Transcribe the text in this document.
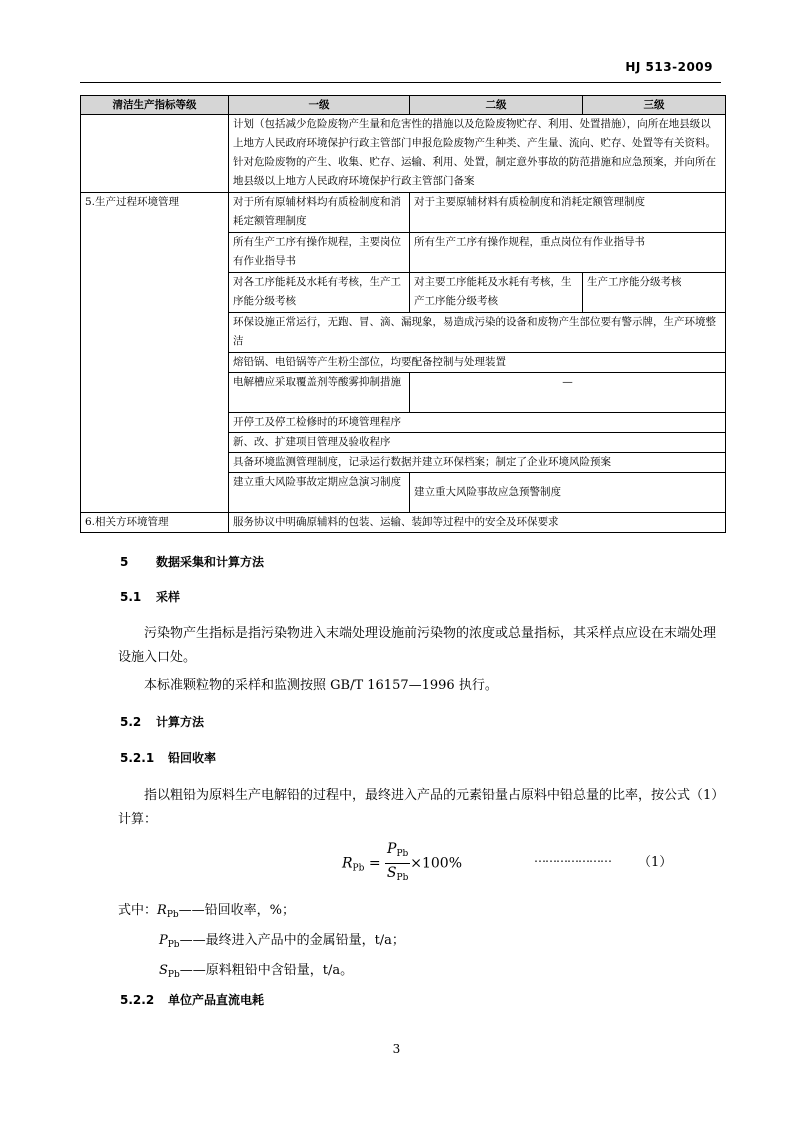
HJ 513-2009
清洁生产指标等级	一级	二级	三级
	计划（包括减少危险废物产生量和危害性的措施以及危险废物贮存、利用、处置措施），向所在地县级以上地方人民政府环境保护行政主管部门申报危险废物产生种类、产生量、流向、贮存、处置等有关资料。针对危险废物的产生、收集、贮存、运输、利用、处置，制定意外事故的防范措施和应急预案，并向所在地县级以上地方人民政府环境保护行政主管部门备案		
5.生产过程环境管理	对于所有原辅材料均有质检制度和消耗定额管理制度	对于主要原辅材料有质检制度和消耗定额管理制度	
	所有生产工序有操作规程，主要岗位有作业指导书	所有生产工序有操作规程，重点岗位有作业指导书	
	对各工序能耗及水耗有考核，生产工序能分级考核	对主要工序能耗及水耗有考核，生产工序能分级考核	生产工序能分级考核
	环保设施正常运行，无跑、冒、滴、漏现象，易造成污染的设备和废物产生部位要有警示牌，生产环境整洁		
	熔铅锅、电铅锅等产生粉尘部位，均要配备控制与处理装置		
	电解槽应采取覆盖剂等酸雾抑制措施	—	
	开停工及停工检修时的环境管理程序		
	新、改、扩建项目管理及验收程序		
	具备环境监测管理制度，记录运行数据并建立环保档案；制定了企业环境风险预案		
	建立重大风险事故定期应急演习制度	建立重大风险事故应急预警制度	
6.相关方环境管理	服务协议中明确原辅料的包装、运输、装卸等过程中的安全及环保要求		
5 数据采集和计算方法
5.1 采样
污染物产生指标是指污染物进入末端处理设施前污染物的浓度或总量指标，其采样点应设在末端处理设施入口处。
本标准颗粒物的采样和监测按照 GB/T 16157—1996 执行。
5.2 计算方法
5.2.1 铅回收率
指以粗铅为原料生产电解铅的过程中，最终进入产品的元素铅量占原料中铅总量的比率，按公式（1）计算：
$R_{Pb} = \frac{P_{Pb}}{S_{Pb}} \times 100\%$	………………… （1）
式中：$R_{Pb}——$铅回收率，%；
$P_{Pb}——$最终进入产品中的金属铅量，t/a；
$S_{Pb}——$原料粗铅中含铅量，t/a。
5.2.2 单位产品直流电耗
3
